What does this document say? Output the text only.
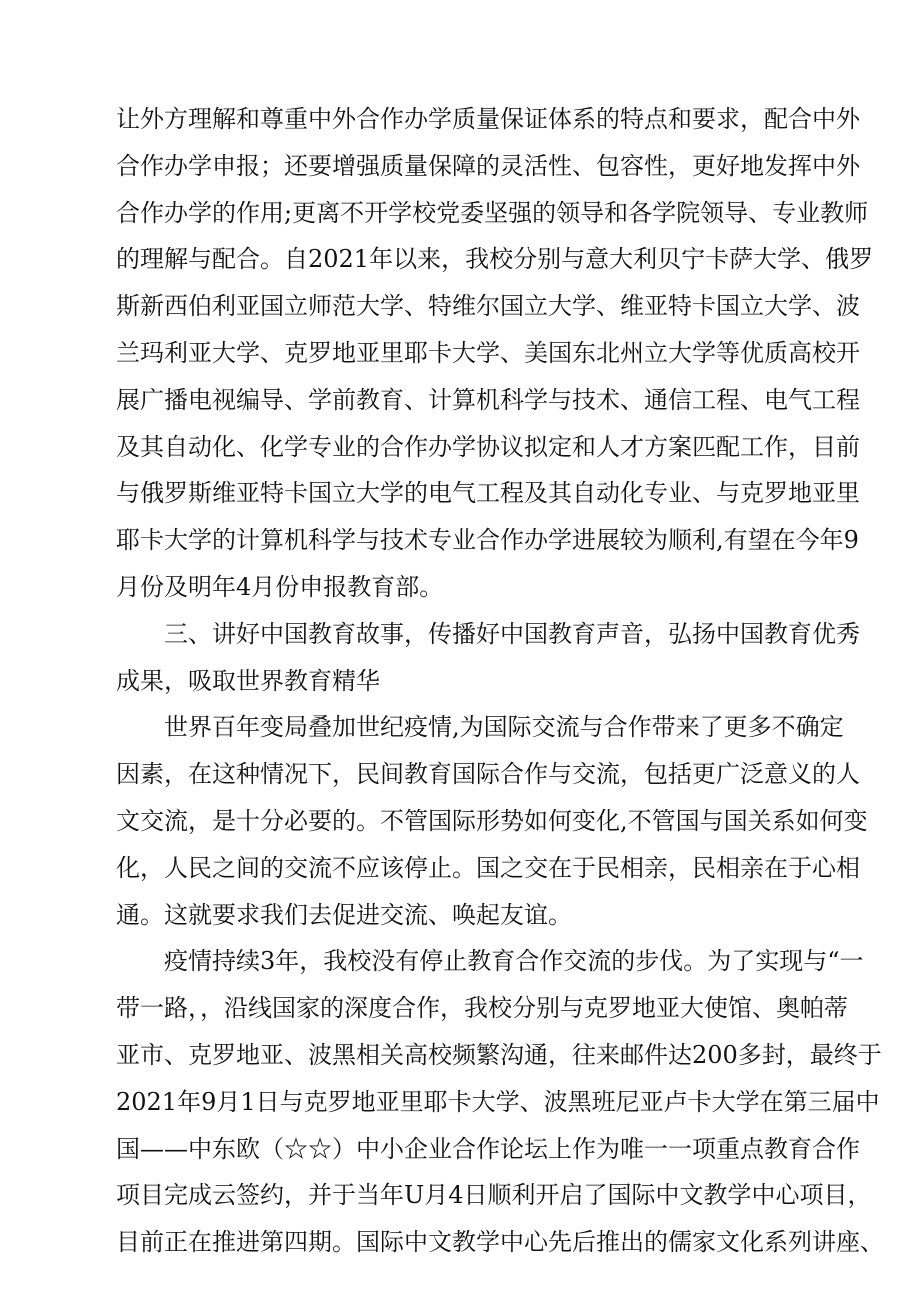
让外方理解和尊重中外合作办学质量保证体系的特点和要求，配合中外
合作办学申报；还要增强质量保障的灵活性、包容性，更好地发挥中外
合作办学的作用;更离不开学校党委坚强的领导和各学院领导、专业教师
的理解与配合。自2021年以来，我校分别与意大利贝宁卡萨大学、俄罗
斯新西伯利亚国立师范大学、特维尔国立大学、维亚特卡国立大学、波
兰玛利亚大学、克罗地亚里耶卡大学、美国东北州立大学等优质高校开
展广播电视编导、学前教育、计算机科学与技术、通信工程、电气工程
及其自动化、化学专业的合作办学协议拟定和人才方案匹配工作，目前
与俄罗斯维亚特卡国立大学的电气工程及其自动化专业、与克罗地亚里
耶卡大学的计算机科学与技术专业合作办学进展较为顺利,有望在今年9
月份及明年4月份申报教育部。
三、讲好中国教育故事，传播好中国教育声音，弘扬中国教育优秀
成果，吸取世界教育精华
世界百年变局叠加世纪疫情,为国际交流与合作带来了更多不确定
因素，在这种情况下，民间教育国际合作与交流，包括更广泛意义的人
文交流，是十分必要的。不管国际形势如何变化,不管国与国关系如何变
化，人民之间的交流不应该停止。国之交在于民相亲，民相亲在于心相
通。这就要求我们去促进交流、唤起友谊。
疫情持续3年，我校没有停止教育合作交流的步伐。为了实现与“一
带一路，，沿线国家的深度合作，我校分别与克罗地亚大使馆、奥帕蒂
亚市、克罗地亚、波黑相关高校频繁沟通，往来邮件达200多封，最终于
2021年9月1日与克罗地亚里耶卡大学、波黑班尼亚卢卡大学在第三届中
国——中东欧（☆☆）中小企业合作论坛上作为唯一一项重点教育合作
项目完成云签约，并于当年U月4日顺利开启了国际中文教学中心项目，
目前正在推进第四期。国际中文教学中心先后推出的儒家文化系列讲座、
